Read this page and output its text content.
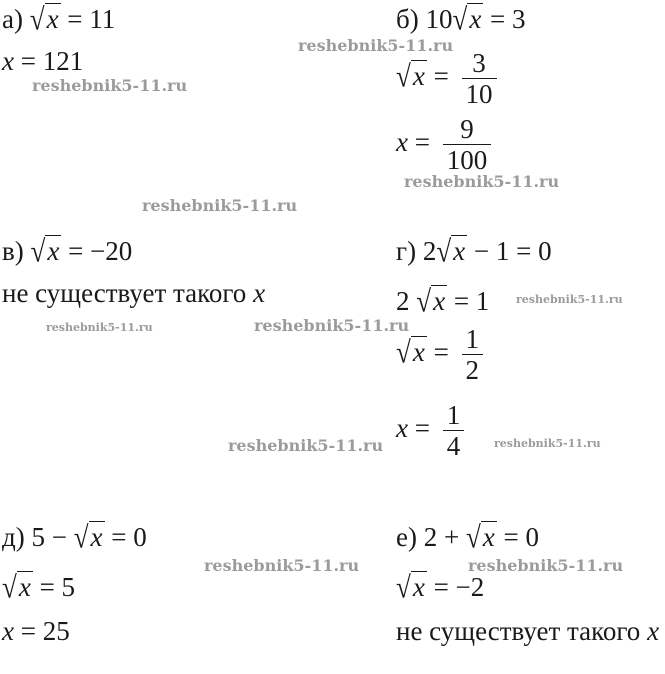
а) √x = 11
x = 121
б) 10√x = 3
$√x = \frac{3}{10}$
$x = \frac{9}{100}$
в) √x = −20
не существует такого x
г) 2√x − 1 = 0
2 √x = 1
$√x = \frac{1}{2}$
$x = \frac{1}{4}$
д) 5 − √x = 0
√x = 5
x = 25
е) 2 + √x = 0
√x = −2
не существует такого x
reshebnik5-11.ru
reshebnik5-11.ru
reshebnik5-11.ru
reshebnik5-11.ru
reshebnik5-11.ru
reshebnik5-11.ru	reshebnik5-11.ru
reshebnik5-11.ru	reshebnik5-11.ru
reshebnik5-11.ru	reshebnik5-11.ru
